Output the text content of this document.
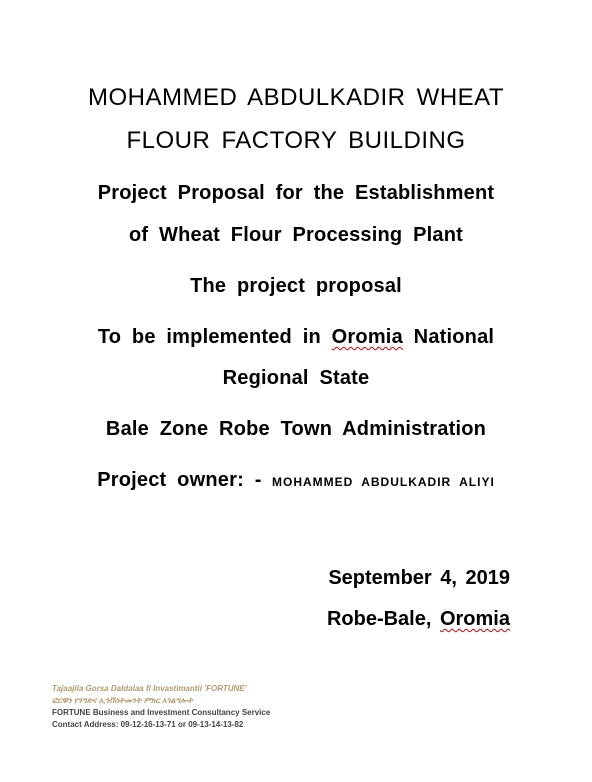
MOHAMMED ABDULKADIR WHEAT
FLOUR FACTORY BUILDING
Project Proposal for the Establishment
of Wheat Flour Processing Plant
The project proposal
To be implemented in Oromia National
Regional State
Bale Zone Robe Town Administration
Project owner: - MOHAMMED ABDULKADIR ALIYI
September 4, 2019
Robe-Bale, Oromia
Tajaajila Gorsa Daldalaa fi Invastimantii 'FORTUNE'
ፎርቹን የንግድና ኢንቨስትመንት ምክር አገልግሎት
FORTUNE Business and Investment Consultancy Service
Contact Address: 09-12-16-13-71 or 09-13-14-13-82
